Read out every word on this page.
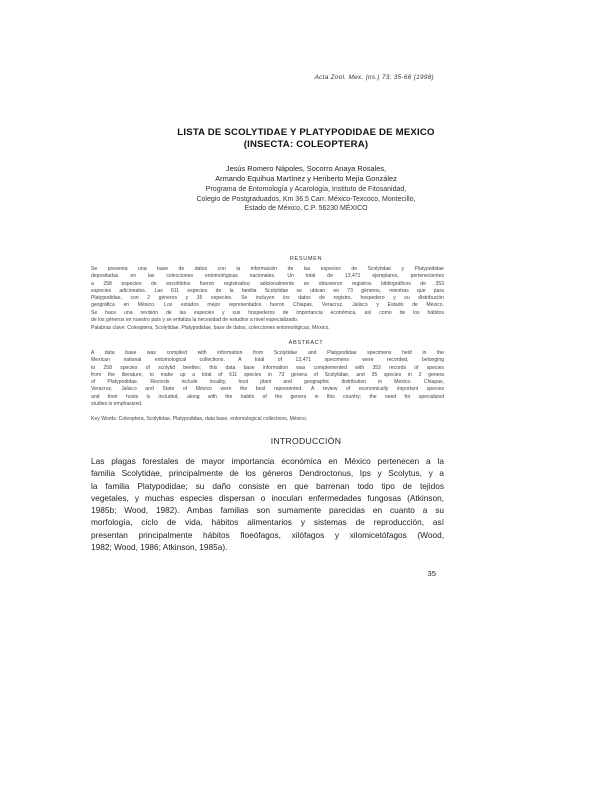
Acta Zool. Mex. (ns.) 73: 35-66 (1998)
LISTA DE SCOLYTIDAE Y PLATYPODIDAE DE MEXICO
(INSECTA: COLEOPTERA)
Jesús Romero Nápoles, Socorro Anaya Rosales,
Armando Equihua Martínez y Heriberto Mejía González
Programa de Entomología y Acarología, Instituto de Fitosanidad,
Colegio de Postgraduados, Km 36.5 Carr. México-Texcoco, Montecillo,
Estado de México, C.P. 56230 MÉXICO
RESUMEN
Se presenta una base de datos con la información de las especies de Scolytidae y Platypodidae
depositadas en las colecciones entomológicas nacionales. Un total de 13,471 ejemplares, pertenecientes
a 258 especies de escolítidos fueron registrados; adicionalmente se obtuvieron registros bibliográficos de 353
especies adicionales. Las 611 especies de la familia Scolytidae se ubican en 73 géneros, mientras que para
Platypodidae, con 2 géneros y 35 especies. Se incluyen los datos de registro, hospedero y su distribución
geográfica en México. Los estados mejor representados fueron Chiapas, Veracruz, Jalisco y Estado de México.
Se hace una revisión de las especies y sus hospederos de importancia económica, así como de los hábitos
de los géneros en nuestro país y se enfatiza la necesidad de estudios a nivel especializado.
Palabras clave: Coleoptera, Scolytidae, Platypodidae, base de datos, colecciones entomológicas, México.
ABSTRACT
A data base was compiled with information from Scolytidae and Platypodidae specimens held in the
Mexican national entomological collections. A total of 13,471 specimens were recorded, belonging
to 258 species of scolytid beetles; this data base information was complemented with 353 records of species
from the literature, to make up a total of 611 species in 73 genera of Scolytidae, and 35 species in 2 genera
of Platypodidae. Records include locality, host plant and geographic distribution in Mexico. Chiapas,
Veracruz, Jalisco and State of México were the best represented. A review of economically important species
and their hosts is included, along with the habits of the genera in this country; the need for specialized
studies is emphasized.
Key Words: Coleoptera, Scolytidae, Platypodidae, data base, entomological collections, México.
INTRODUCCIÓN
Las plagas forestales de mayor importancia económica en México pertenecen a la
familia Scolytidae, principalmente de los géneros Dendroctonus, Ips y Scolytus, y a
la familia Platypodidae; su daño consiste en que barrenan todo tipo de tejidos
vegetales, y muchas especies dispersan o inoculan enfermedades fungosas (Atkinson,
1985b; Wood, 1982). Ambas familias son sumamente parecidas en cuanto a su
morfología, ciclo de vida, hábitos alimentarios y sistemas de reproducción, así
presentan principalmente hábitos floeófagos, xilófagos y xilomicetófagos (Wood,
1982; Wood, 1986; Atkinson, 1985a).
35
